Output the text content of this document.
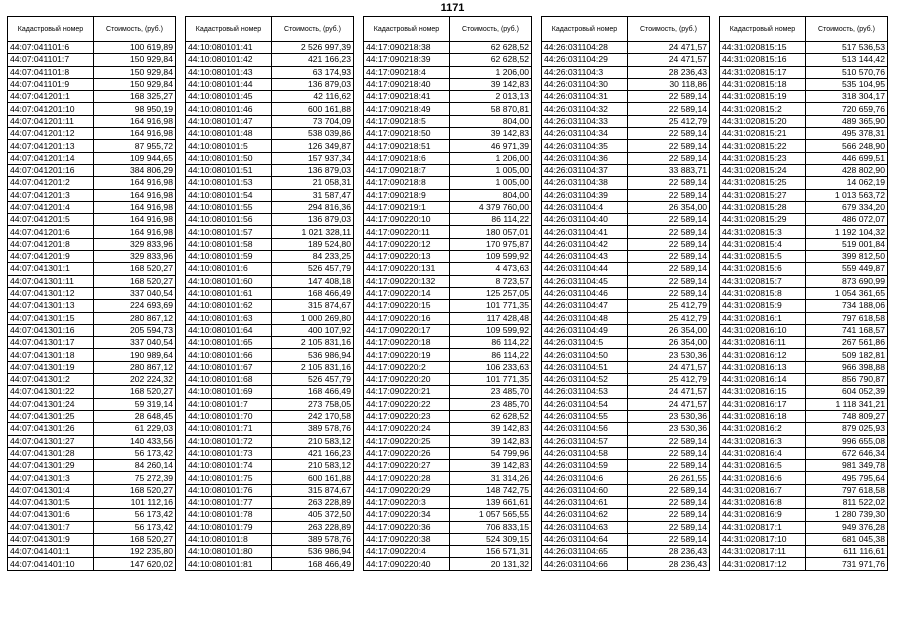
1171
Кадастровый номер	Стоимость, (руб.)
44:07:041101:6	100 619,89
44:07:041101:7	150 929,84
44:07:041101:8	150 929,84
44:07:041101:9	150 929,84
44:07:041201:1	168 325,27
44:07:041201:10	98 950,19
44:07:041201:11	164 916,98
44:07:041201:12	164 916,98
44:07:041201:13	87 955,72
44:07:041201:14	109 944,65
44:07:041201:16	384 806,29
44:07:041201:2	164 916,98
44:07:041201:3	164 916,98
44:07:041201:4	164 916,98
44:07:041201:5	164 916,98
44:07:041201:6	164 916,98
44:07:041201:8	329 833,96
44:07:041201:9	329 833,96
44:07:041301:1	168 520,27
44:07:041301:11	168 520,27
44:07:041301:12	337 040,54
44:07:041301:13	224 693,69
44:07:041301:15	280 867,12
44:07:041301:16	205 594,73
44:07:041301:17	337 040,54
44:07:041301:18	190 989,64
44:07:041301:19	280 867,12
44:07:041301:2	202 224,32
44:07:041301:22	168 520,27
44:07:041301:24	59 319,14
44:07:041301:25	28 648,45
44:07:041301:26	61 229,03
44:07:041301:27	140 433,56
44:07:041301:28	56 173,42
44:07:041301:29	84 260,14
44:07:041301:3	75 272,39
44:07:041301:4	168 520,27
44:07:041301:5	101 112,16
44:07:041301:6	56 173,42
44:07:041301:7	56 173,42
44:07:041301:9	168 520,27
44:07:041401:1	192 235,80
44:07:041401:10	147 620,02
Кадастровый номер	Стоимость, (руб.)
44:10:080101:41	2 526 997,39
44:10:080101:42	421 166,23
44:10:080101:43	63 174,93
44:10:080101:44	136 879,03
44:10:080101:45	42 116,62
44:10:080101:46	600 161,88
44:10:080101:47	73 704,09
44:10:080101:48	538 039,86
44:10:080101:5	126 349,87
44:10:080101:50	157 937,34
44:10:080101:51	136 879,03
44:10:080101:53	21 058,31
44:10:080101:54	31 587,47
44:10:080101:55	294 816,36
44:10:080101:56	136 879,03
44:10:080101:57	1 021 328,11
44:10:080101:58	189 524,80
44:10:080101:59	84 233,25
44:10:080101:6	526 457,79
44:10:080101:60	147 408,18
44:10:080101:61	168 466,49
44:10:080101:62	315 874,67
44:10:080101:63	1 000 269,80
44:10:080101:64	400 107,92
44:10:080101:65	2 105 831,16
44:10:080101:66	536 986,94
44:10:080101:67	2 105 831,16
44:10:080101:68	526 457,79
44:10:080101:69	168 466,49
44:10:080101:7	273 758,05
44:10:080101:70	242 170,58
44:10:080101:71	389 578,76
44:10:080101:72	210 583,12
44:10:080101:73	421 166,23
44:10:080101:74	210 583,12
44:10:080101:75	600 161,88
44:10:080101:76	315 874,67
44:10:080101:77	263 228,89
44:10:080101:78	405 372,50
44:10:080101:79	263 228,89
44:10:080101:8	389 578,76
44:10:080101:80	536 986,94
44:10:080101:81	168 466,49
Кадастровый номер	Стоимость, (руб.)
44:17:090218:38	62 628,52
44:17:090218:39	62 628,52
44:17:090218:4	1 206,00
44:17:090218:40	39 142,83
44:17:090218:41	2 013,13
44:17:090218:49	58 870,81
44:17:090218:5	804,00
44:17:090218:50	39 142,83
44:17:090218:51	46 971,39
44:17:090218:6	1 206,00
44:17:090218:7	1 005,00
44:17:090218:8	1 005,00
44:17:090218:9	804,00
44:17:090219:1	4 379 760,00
44:17:090220:10	86 114,22
44:17:090220:11	180 057,01
44:17:090220:12	170 975,87
44:17:090220:13	109 599,92
44:17:090220:131	4 473,63
44:17:090220:132	8 723,57
44:17:090220:14	125 257,05
44:17:090220:15	101 771,35
44:17:090220:16	117 428,48
44:17:090220:17	109 599,92
44:17:090220:18	86 114,22
44:17:090220:19	86 114,22
44:17:090220:2	106 233,63
44:17:090220:20	101 771,35
44:17:090220:21	23 485,70
44:17:090220:22	23 485,70
44:17:090220:23	62 628,52
44:17:090220:24	39 142,83
44:17:090220:25	39 142,83
44:17:090220:26	54 799,96
44:17:090220:27	39 142,83
44:17:090220:28	31 314,26
44:17:090220:29	148 742,75
44:17:090220:3	139 661,61
44:17:090220:34	1 057 565,55
44:17:090220:36	706 833,15
44:17:090220:38	524 309,15
44:17:090220:4	156 571,31
44:17:090220:40	20 131,32
Кадастровый номер	Стоимость, (руб.)
44:26:031104:28	24 471,57
44:26:031104:29	24 471,57
44:26:031104:3	28 236,43
44:26:031104:30	30 118,86
44:26:031104:31	22 589,14
44:26:031104:32	22 589,14
44:26:031104:33	25 412,79
44:26:031104:34	22 589,14
44:26:031104:35	22 589,14
44:26:031104:36	22 589,14
44:26:031104:37	33 883,71
44:26:031104:38	22 589,14
44:26:031104:39	22 589,14
44:26:031104:4	26 354,00
44:26:031104:40	22 589,14
44:26:031104:41	22 589,14
44:26:031104:42	22 589,14
44:26:031104:43	22 589,14
44:26:031104:44	22 589,14
44:26:031104:45	22 589,14
44:26:031104:46	22 589,14
44:26:031104:47	25 412,79
44:26:031104:48	25 412,79
44:26:031104:49	26 354,00
44:26:031104:5	26 354,00
44:26:031104:50	23 530,36
44:26:031104:51	24 471,57
44:26:031104:52	25 412,79
44:26:031104:53	24 471,57
44:26:031104:54	24 471,57
44:26:031104:55	23 530,36
44:26:031104:56	23 530,36
44:26:031104:57	22 589,14
44:26:031104:58	22 589,14
44:26:031104:59	22 589,14
44:26:031104:6	26 261,55
44:26:031104:60	22 589,14
44:26:031104:61	22 589,14
44:26:031104:62	22 589,14
44:26:031104:63	22 589,14
44:26:031104:64	22 589,14
44:26:031104:65	28 236,43
44:26:031104:66	28 236,43
Кадастровый номер	Стоимость, (руб.)
44:31:020815:15	517 536,53
44:31:020815:16	513 144,42
44:31:020815:17	510 570,76
44:31:020815:18	535 104,95
44:31:020815:19	318 304,17
44:31:020815:2	720 659,76
44:31:020815:20	489 365,90
44:31:020815:21	495 378,31
44:31:020815:22	566 248,90
44:31:020815:23	446 699,51
44:31:020815:24	428 802,90
44:31:020815:25	14 062,19
44:31:020815:27	1 013 563,72
44:31:020815:28	679 334,20
44:31:020815:29	486 072,07
44:31:020815:3	1 192 104,32
44:31:020815:4	519 001,84
44:31:020815:5	399 812,50
44:31:020815:6	559 449,87
44:31:020815:7	873 690,99
44:31:020815:8	1 054 361,65
44:31:020815:9	734 188,06
44:31:020816:1	797 618,58
44:31:020816:10	741 168,57
44:31:020816:11	267 561,86
44:31:020816:12	509 182,81
44:31:020816:13	966 398,88
44:31:020816:14	856 790,87
44:31:020816:15	604 052,39
44:31:020816:17	1 118 341,21
44:31:020816:18	748 809,27
44:31:020816:2	879 025,93
44:31:020816:3	996 655,08
44:31:020816:4	672 646,34
44:31:020816:5	981 349,78
44:31:020816:6	495 795,64
44:31:020816:7	797 618,58
44:31:020816:8	811 522,02
44:31:020816:9	1 280 739,30
44:31:020817:1	949 376,28
44:31:020817:10	681 045,38
44:31:020817:11	611 116,61
44:31:020817:12	731 971,76
